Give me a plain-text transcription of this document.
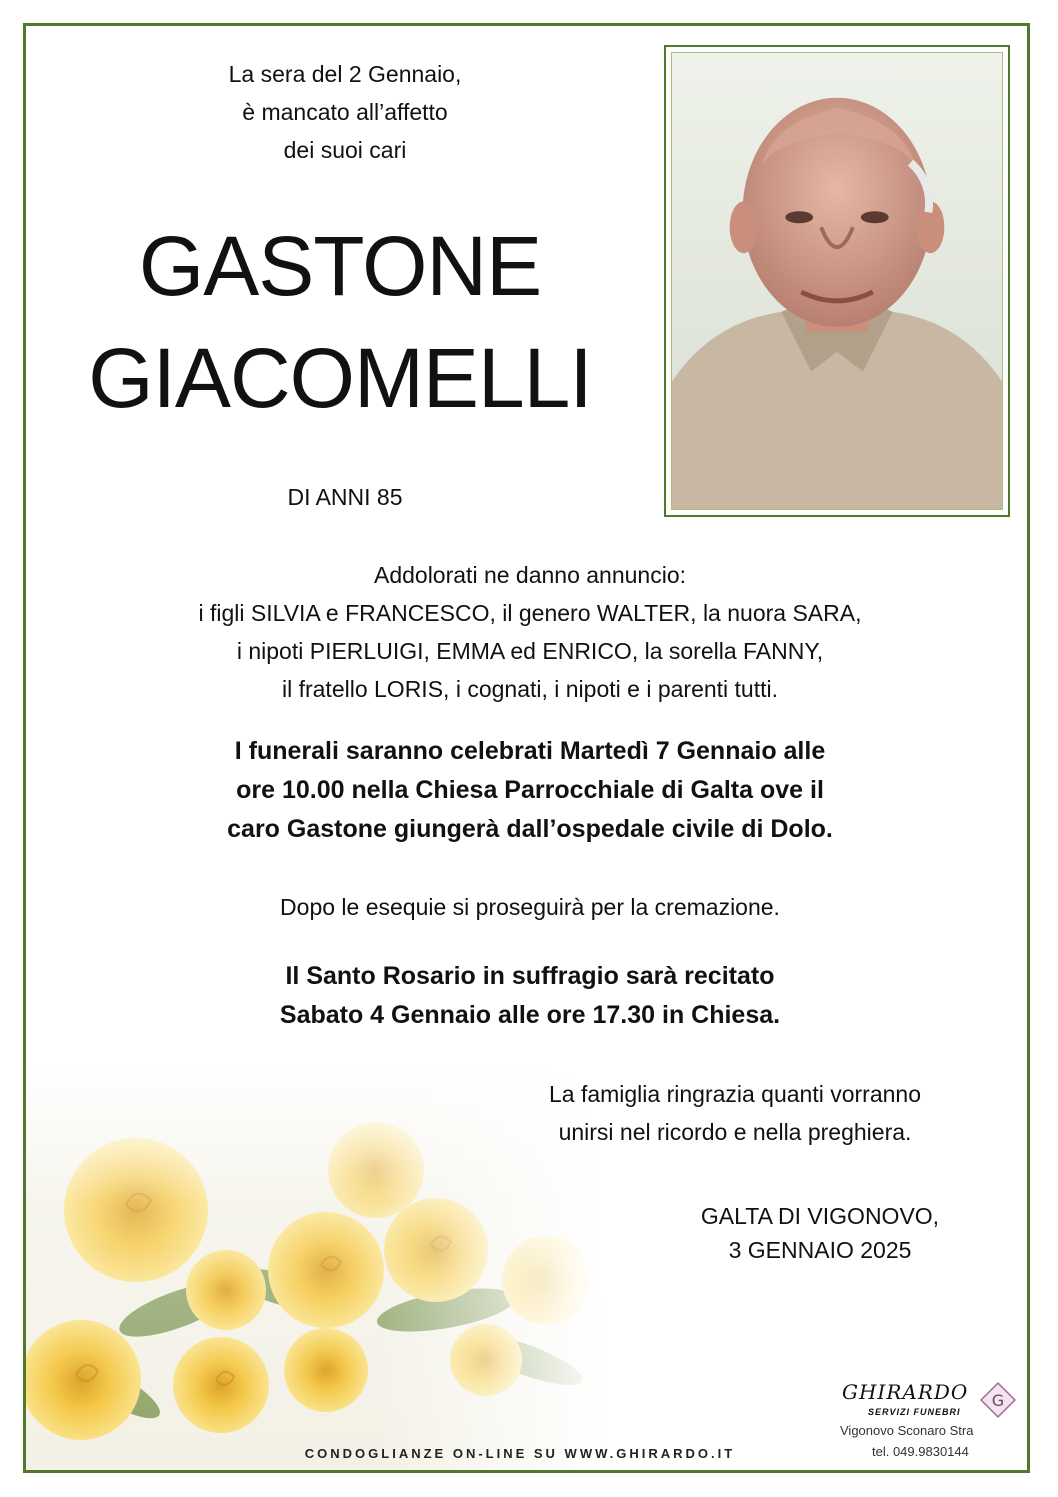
La sera del 2 Gennaio,
è mancato all’affetto
dei suoi cari
GASTONE
GIACOMELLI
DI ANNI 85
Addolorati ne danno annuncio:
i figli SILVIA e FRANCESCO, il genero WALTER, la nuora SARA,
i nipoti PIERLUIGI, EMMA ed ENRICO, la sorella FANNY,
il fratello LORIS, i cognati, i nipoti e i parenti tutti.
I funerali saranno celebrati Martedì 7 Gennaio alle
ore 10.00 nella Chiesa Parrocchiale di Galta ove il
caro Gastone giungerà dall’ospedale civile di Dolo.
Dopo le esequie si proseguirà per la cremazione.
Il Santo Rosario in suffragio sarà recitato
Sabato 4 Gennaio alle ore 17.30 in Chiesa.
La famiglia ringrazia quanti vorranno
unirsi nel ricordo e nella preghiera.
GALTA DI VIGONOVO,
3 GENNAIO 2025
CONDOGLIANZE ON-LINE SU WWW.GHIRARDO.IT
GHIRARDO
SERVIZI FUNEBRI
G
Vigonovo Sconaro Stra
tel. 049.9830144
